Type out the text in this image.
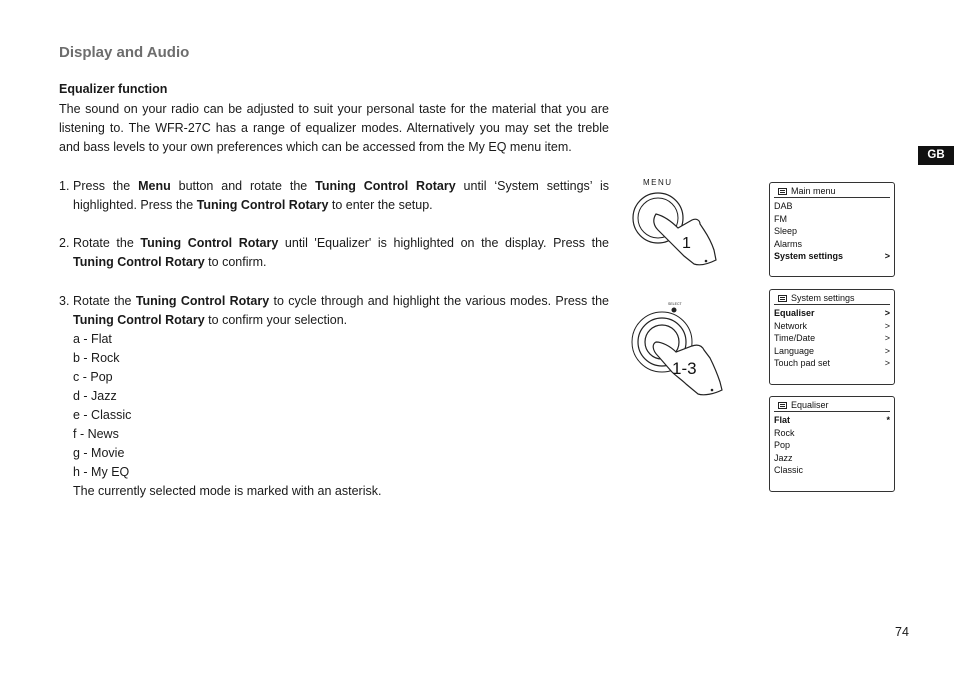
Display and Audio
Equalizer function
The sound on your radio can be adjusted to suit your personal taste for the material that you are listening to. The WFR-27C has a range of equalizer modes. Alternatively you may set the treble and bass levels to your own preferences which can be accessed from the My EQ menu item.
1. Press the Menu button and rotate the Tuning Control Rotary until ‘System settings’ is highlighted. Press the Tuning Control Rotary to enter the setup.
2. Rotate the Tuning Control Rotary until 'Equalizer' is highlighted on the display. Press the Tuning Control Rotary to confirm.
3. Rotate the Tuning Control Rotary to cycle through and highlight the various modes. Press the Tuning Control Rotary to confirm your selection.
a - Flat
b - Rock
c - Pop
d - Jazz
e - Classic
f - News
g - Movie
h - My EQ
The currently selected mode is marked with an asterisk.
MENU
1
SELECT
1-3
Main menu
DAB
FM
Sleep
Alarms
System settings	>
System settings
Equaliser	>
Network	>
Time/Date	>
Language	>
Touch pad set	>
Equaliser
Flat	*
Rock
Pop
Jazz
Classic
GB
74
